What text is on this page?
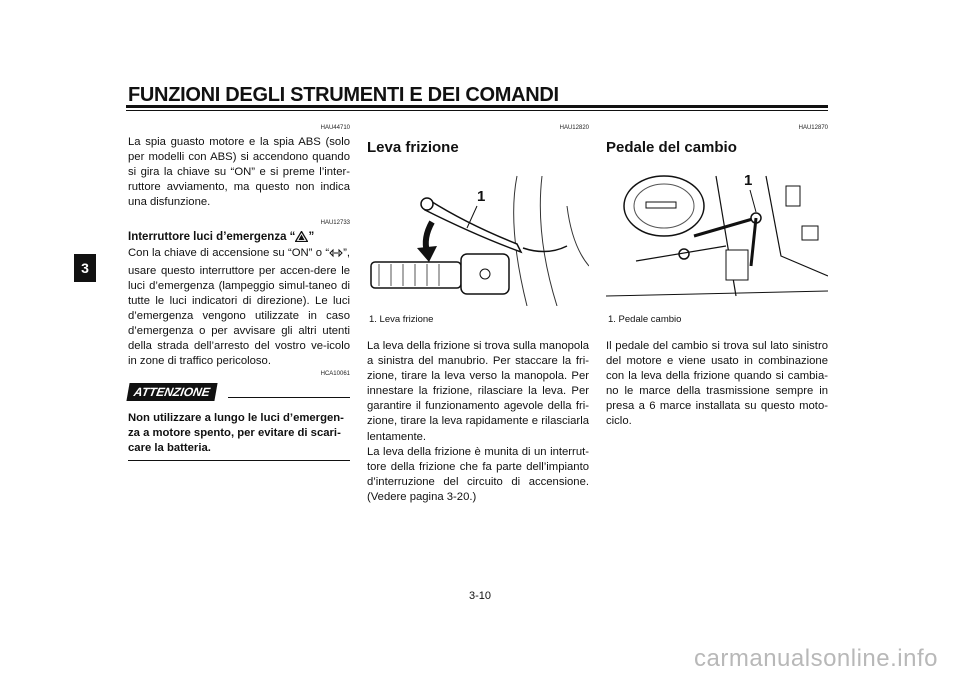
FUNZIONI DEGLI STRUMENTI E DEI COMANDI
3
HAU44710

La spia guasto motore e la spia ABS (solo per modelli con ABS) si accendono quando si gira la chiave su “ON” e si preme l’inter-ruttore avviamento, ma questo non indica una disfunzione.

HAU12733

Interruttore luci d’emergenza “ ”

Con la chiave di accensione su “ON” o “ ”, usare questo interruttore per accen-dere le luci d’emergenza (lampeggio simul-taneo di tutte le luci indicatori di direzione). Le luci d’emergenza vengono utilizzate in caso d’emergenza o per avvisare gli altri utenti della strada dell’arresto del vostro ve-icolo in zone di traffico pericoloso.

HCA10061
ATTENZIONE

Non utilizzare a lungo le luci d’emergen-za a motore spento, per evitare di scari-care la batteria.

HAU12820
Leva frizione
1
1. Leva frizione

La leva della frizione si trova sulla manopola a sinistra del manubrio. Per staccare la fri-zione, tirare la leva verso la manopola. Per innestare la frizione, rilasciare la leva. Per garantire il funzionamento agevole della fri-zione, tirare la leva rapidamente e rilasciarla lentamente.

La leva della frizione è munita di un interrut-tore della frizione che fa parte dell’impianto d’interruzione del circuito di accensione. (Vedere pagina 3-20.)

HAU12870
Pedale del cambio
1
1. Pedale cambio

Il pedale del cambio si trova sul lato sinistro del motore e viene usato in combinazione con la leva della frizione quando si cambia-no le marce della trasmissione sempre in presa a 6 marce installata su questo moto-ciclo.

3-10
carmanualsonline.info
